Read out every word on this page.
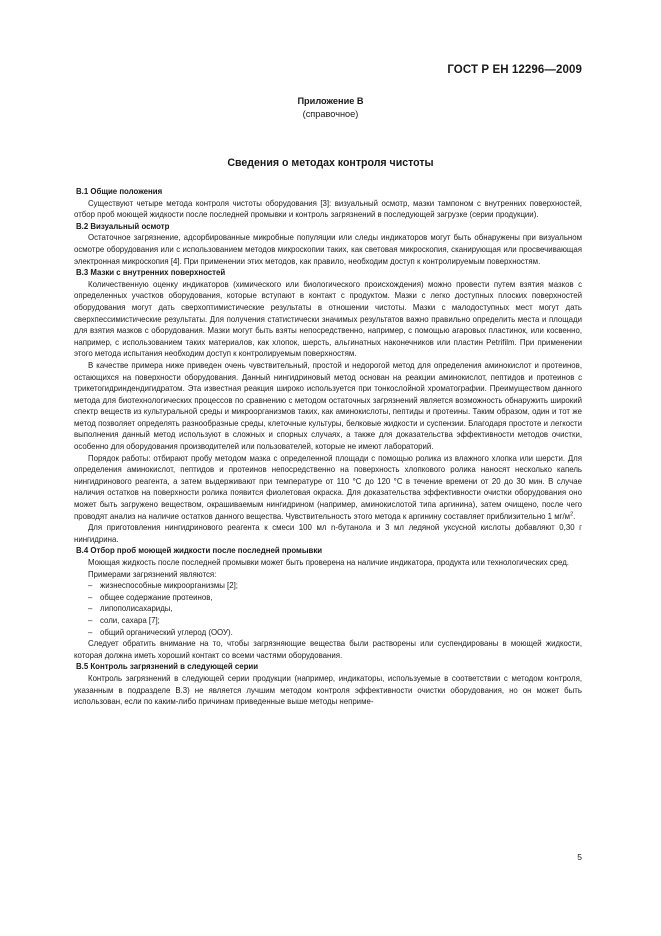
ГОСТ Р ЕН 12296—2009
Приложение В
(справочное)
Сведения о методах контроля чистоты
В.1 Общие положения

Существуют четыре метода контроля чистоты оборудования [3]: визуальный осмотр, мазки тампоном с внутренних поверхностей, отбор проб моющей жидкости после последней промывки и контроль загрязнений в последующей загрузке (серии продукции).

В.2 Визуальный осмотр

Остаточное загрязнение, адсорбированные микробные популяции или следы индикаторов могут быть обнаружены при визуальном осмотре оборудования или с использованием методов микроскопии таких, как световая микроскопия, сканирующая или просвечивающая электронная микроскопия [4]. При применении этих методов, как правило, необходим доступ к контролируемым поверхностям.

В.3 Мазки с внутренних поверхностей

Количественную оценку индикаторов (химического или биологического происхождения) можно провести путем взятия мазков с определенных участков оборудования, которые вступают в контакт с продуктом. Мазки с легко доступных плоских поверхностей оборудования могут дать сверхоптимистические результаты в отношении чистоты. Мазки с малодоступных мест могут дать сверхпессимистические результаты. Для получения статистически значимых результатов важно правильно определить места и площади для взятия мазков с оборудования. Мазки могут быть взяты непосредственно, например, с помощью агаровых пластинок, или косвенно, например, с использованием таких материалов, как хлопок, шерсть, альгинатных наконечников или пластин Petrifilm. При применении этого метода испытания необходим доступ к контролируемым поверхностям.

В качестве примера ниже приведен очень чувствительный, простой и недорогой метод для определения аминокислот и протеинов, остающихся на поверхности оборудования. Данный нингидриновый метод основан на реакции аминокислот, пептидов и протеинов с трикетогидриндендигидратом. Эта известная реакция широко используется при тонкослойной хроматографии. Преимуществом данного метода для биотехнологических процессов по сравнению с методом остаточных загрязнений является возможность обнаружить широкий спектр веществ из культуральной среды и микроорганизмов таких, как аминокислоты, пептиды и протеины. Таким образом, один и тот же метод позволяет определять разнообразные среды, клеточные культуры, белковые жидкости и суспензии. Благодаря простоте и легкости выполнения данный метод используют в сложных и спорных случаях, а также для доказательства эффективности методов очистки, особенно для оборудования производителей или пользователей, которые не имеют лабораторий.

Порядок работы: отбирают пробу методом мазка с определенной площади с помощью ролика из влажного хлопка или шерсти. Для определения аминокислот, пептидов и протеинов непосредственно на поверхность хлопкового ролика наносят несколько капель нингидринового реагента, а затем выдерживают при температуре от 110 °С до 120 °С в течение времени от 20 до 30 мин. В случае наличия остатков на поверхности ролика появится фиолетовая окраска. Для доказательства эффективности очистки оборудования оно может быть загружено веществом, окрашиваемым нингидрином (например, аминокислотой типа аргинина), затем очищено, после чего проводят анализ на наличие остатков данного вещества. Чувствительность этого метода к аргинину составляет приблизительно 1 $мг/м^2$.

Для приготовления нингидринового реагента к смеси 100 мл n-бутанола и 3 мл ледяной уксусной кислоты добавляют 0,30 г нингидрина.

В.4 Отбор проб моющей жидкости после последней промывки

Моющая жидкость после последней промывки может быть проверена на наличие индикатора, продукта или технологических сред.

Примерами загрязнений являются:

– жизнеспособные микроорганизмы [2];
– общее содержание протеинов,
– липополисахариды,
– соли, сахара [7];
– общий органический углерод (ООУ).

Следует обратить внимание на то, чтобы загрязняющие вещества были растворены или суспендированы в моющей жидкости, которая должна иметь хороший контакт со всеми частями оборудования.

В.5 Контроль загрязнений в следующей серии

Контроль загрязнений в следующей серии продукции (например, индикаторы, используемые в соответствии с методом контроля, указанным в подразделе В.3) не является лучшим методом контроля эффективности очистки оборудования, но он может быть использован, если по каким-либо причинам приведенные выше методы неприме-

5
